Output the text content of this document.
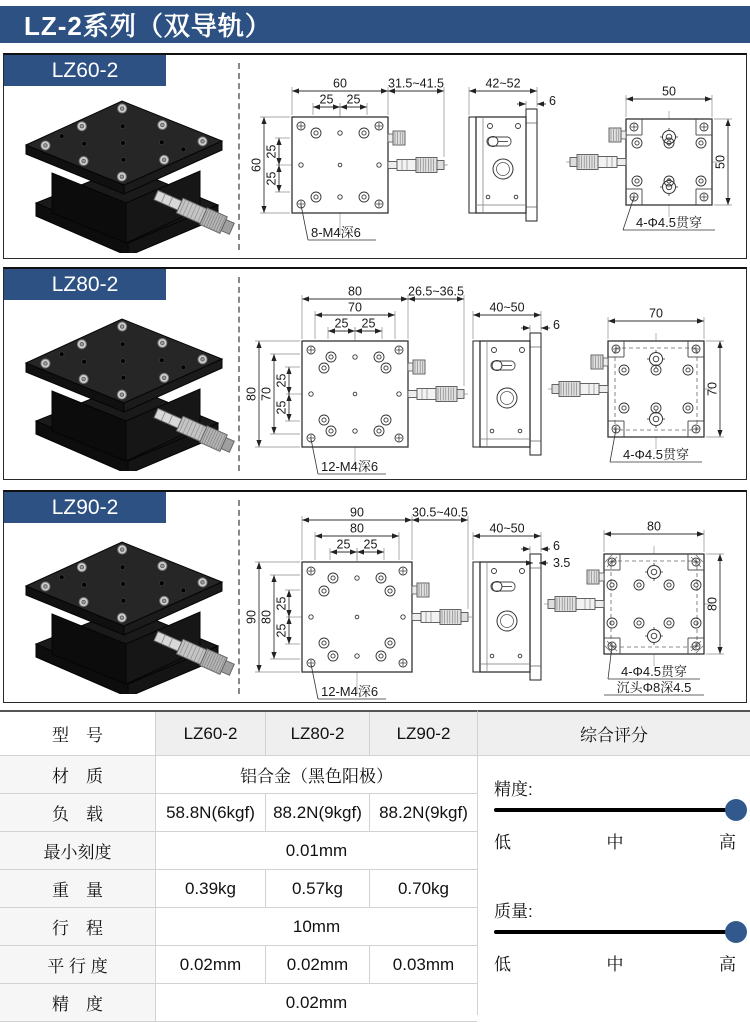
LZ-2系列（双导轨）
LZ60-2
25 25
60	31.5~41.5
25
25
60
8-M4深6
42~52
6
50
50
4-Φ4.5贯穿
LZ80-2
25 25
70
80	26.5~36.5
25
25
70
80
12-M4深6
40~50
6
70
70
4-Φ4.5贯穿
LZ90-2
25 25
80
90	30.5~40.5
25
25
80
90
12-M4深6
40~50
6
3.5
80
80
4-Φ4.5贯穿
沉头Φ8深4.5
型　号	LZ60-2	LZ80-2	LZ90-2
材　质	铝合金（黑色阳极）
负　载	58.8N(6kgf)	88.2N(9kgf)	88.2N(9kgf)
最小刻度	0.01mm
重　量	0.39kg	0.57kg	0.70kg
行　程	10mm
平 行 度	0.02mm	0.02mm	0.03mm
精　度	0.02mm
综合评分
精度:
低	中	高
质量:
低	中	高
